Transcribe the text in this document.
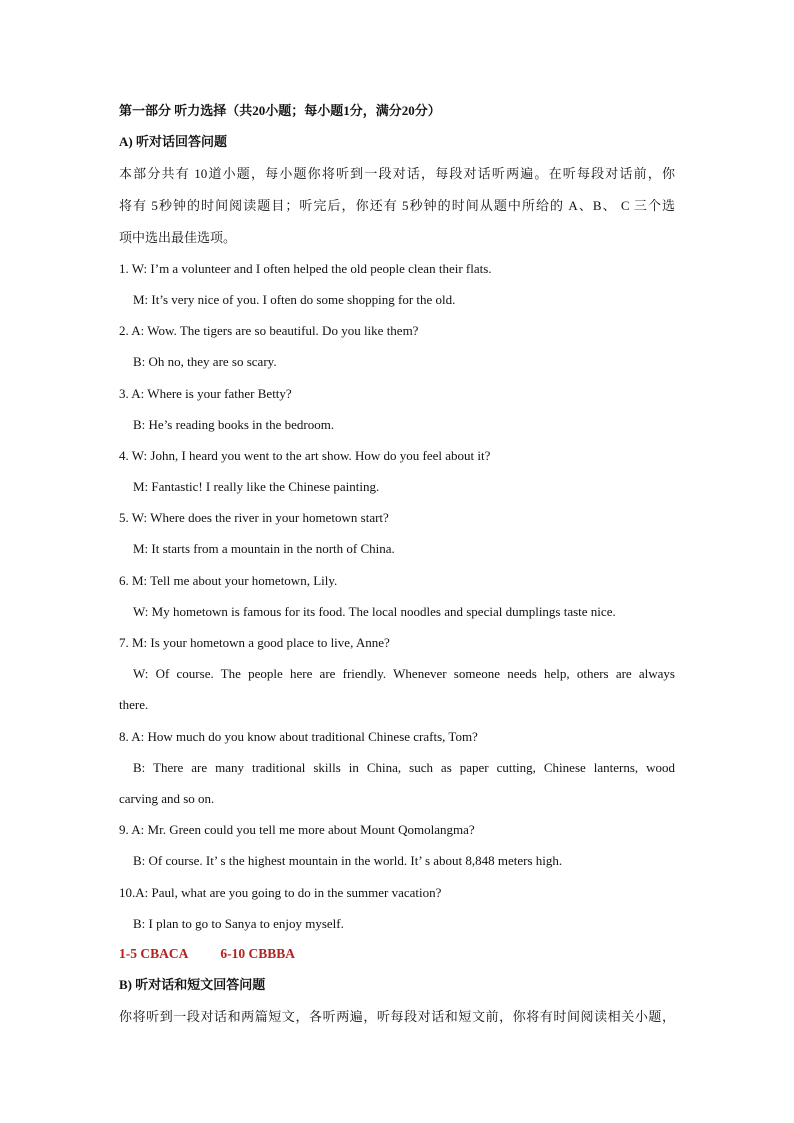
第一部分 听力选择（共20小题；每小题1分，满分20分）
A) 听对话回答问题
本部分共有 10道小题，每小题你将听到一段对话，每段对话听两遍。在听每段对话前，你
将有 5秒钟的时间阅读题目；听完后，你还有 5秒钟的时间从题中所给的 A、B、 C 三个选
项中选出最佳选项。
1. W: I’m a volunteer and I often helped the old people clean their flats.
M: It’s very nice of you. I often do some shopping for the old.
2. A: Wow. The tigers are so beautiful. Do you like them?
B: Oh no, they are so scary.
3. A: Where is your father Betty?
B: He’s reading books in the bedroom.
4. W: John, I heard you went to the art show. How do you feel about it?
M: Fantastic! I really like the Chinese painting.
5. W: Where does the river in your hometown start?
M: It starts from a mountain in the north of China.
6. M: Tell me about your hometown, Lily.
W: My hometown is famous for its food. The local noodles and special dumplings taste nice.
7. M: Is your hometown a good place to live, Anne?
W: Of course. The people here are friendly. Whenever someone needs help, others are always
there.
8. A: How much do you know about traditional Chinese crafts, Tom?
B: There are many traditional skills in China, such as paper cutting, Chinese lanterns, wood
carving and so on.
9. A: Mr. Green could you tell me more about Mount Qomolangma?
B: Of course. It’ s the highest mountain in the world. It’ s about 8,848 meters high.
10.A: Paul, what are you going to do in the summer vacation?
B: I plan to go to Sanya to enjoy myself.
1-5 CBACA 6-10 CBBBA
B) 听对话和短文回答问题
你将听到一段对话和两篇短文，各听两遍，听每段对话和短文前，你将有时间阅读相关小题，
